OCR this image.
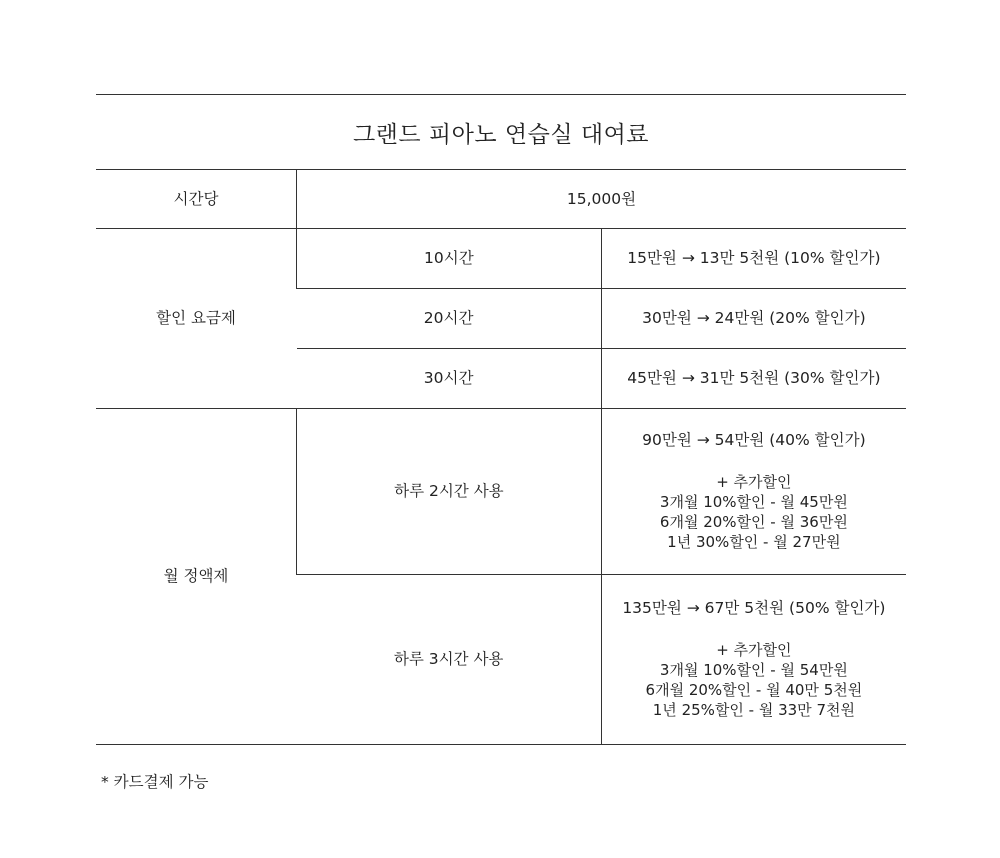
그랜드 피아노 연습실 대여료
시간당	15,000원	
할인 요금제	10시간	15만원 → 13만 5천원 (10% 할인가)
	20시간	30만원 → 24만원 (20% 할인가)
	30시간	45만원 → 31만 5천원 (30% 할인가)
월 정액제	하루 2시간 사용	90만원 → 54만원 (40% 할인가)
+ 추가할인
3개월 10%할인 - 월 45만원
6개월 20%할인 - 월 36만원
1년 30%할인 - 월 27만원

	하루 3시간 사용	135만원 → 67만 5천원 (50% 할인가)
+ 추가할인
3개월 10%할인 - 월 54만원
6개월 20%할인 - 월 40만 5천원
1년 25%할인 - 월 33만 7천원
* 카드결제 가능
